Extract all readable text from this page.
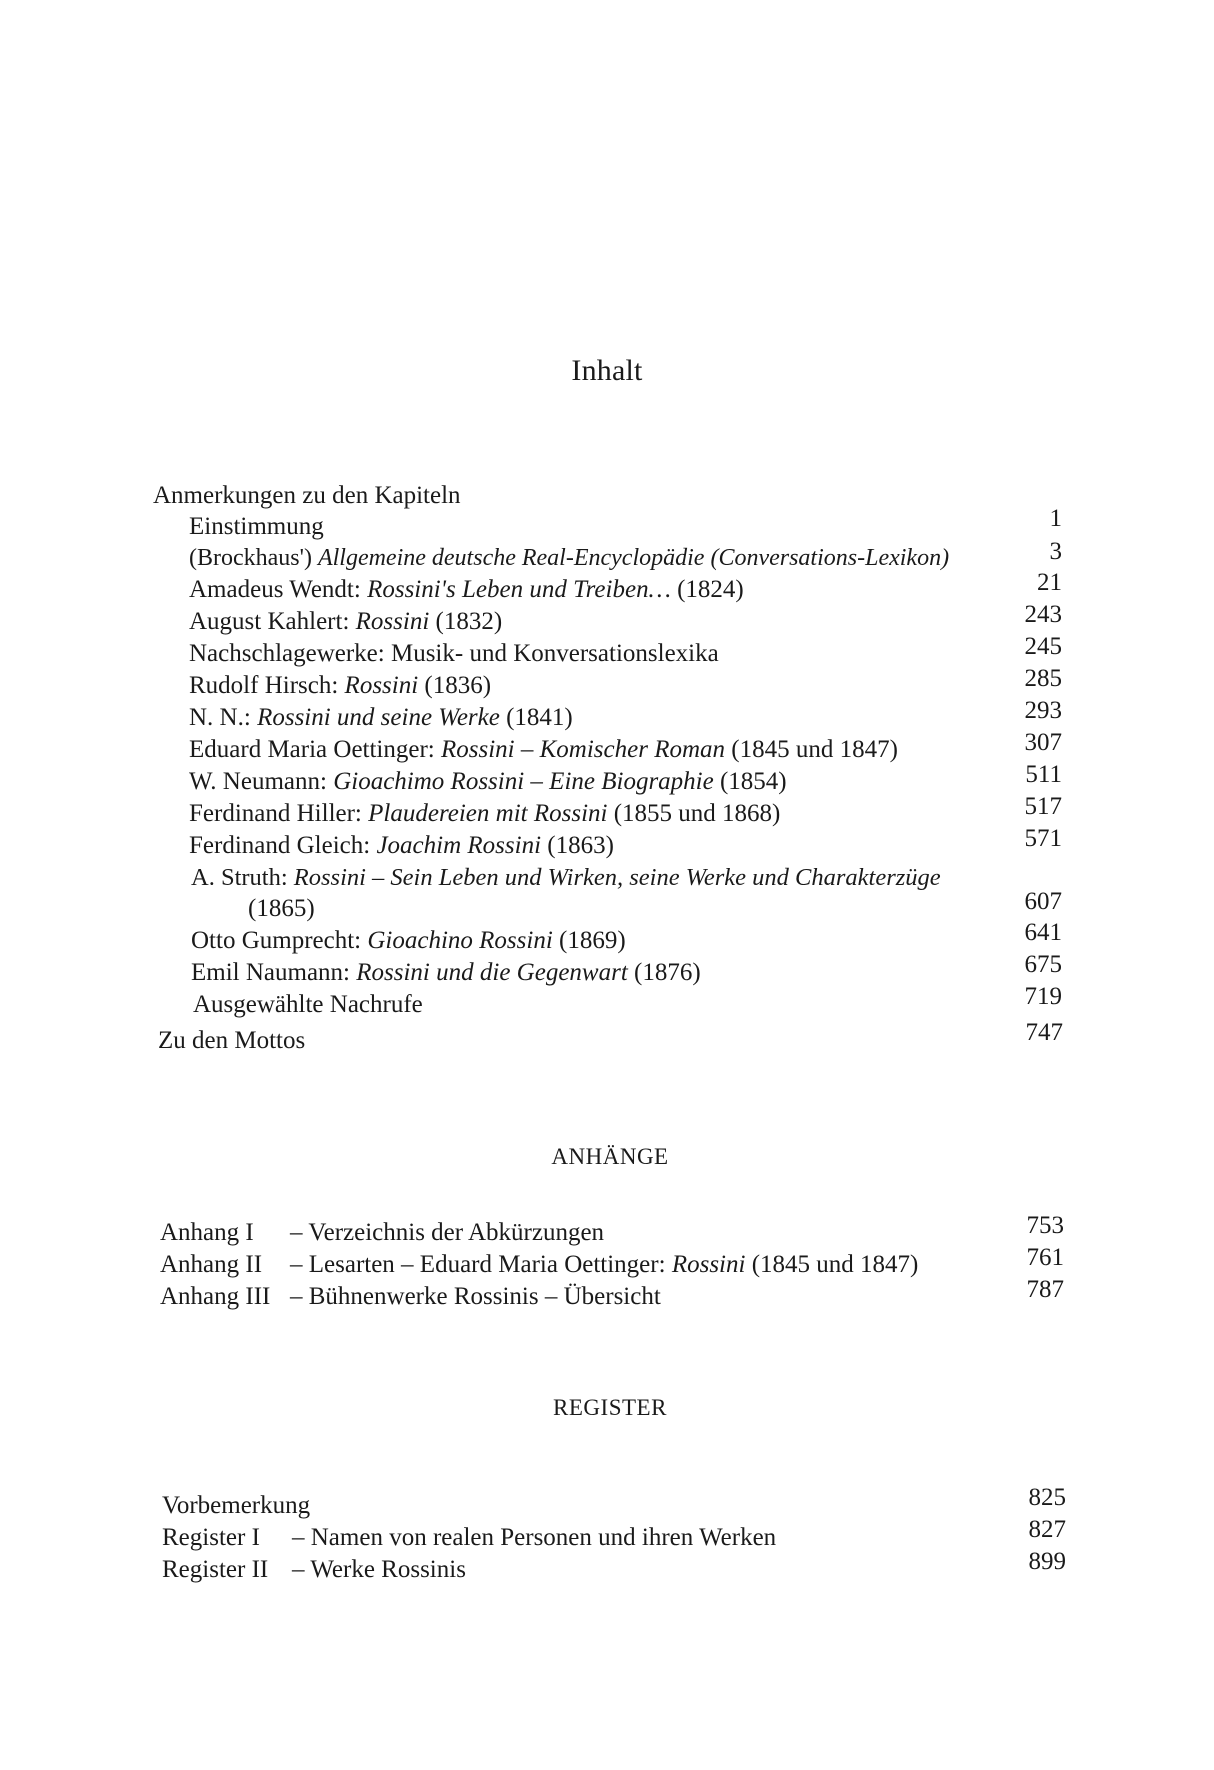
Inhalt
Anmerkungen zu den Kapiteln
Einstimmung	1
(Brockhaus') Allgemeine deutsche Real-Encyclopädie (Conversations-Lexikon)	3
Amadeus Wendt: Rossini's Leben und Treiben… (1824)	21
August Kahlert: Rossini (1832)	243
Nachschlagewerke: Musik- und Konversationslexika	245
Rudolf Hirsch: Rossini (1836)	285
N. N.: Rossini und seine Werke (1841)	293
Eduard Maria Oettinger: Rossini – Komischer Roman (1845 und 1847)	307
W. Neumann: Gioachimo Rossini – Eine Biographie (1854)	511
Ferdinand Hiller: Plaudereien mit Rossini (1855 und 1868)	517
Ferdinand Gleich: Joachim Rossini (1863)	571
A. Struth: Rossini – Sein Leben und Wirken, seine Werke und Charakterzüge
(1865)	607
Otto Gumprecht: Gioachino Rossini (1869)	641
Emil Naumann: Rossini und die Gegenwart (1876)	675
Ausgewählte Nachrufe	719
Zu den Mottos	747
ANHÄNGE
Anhang I – Verzeichnis der Abkürzungen	753
Anhang II – Lesarten – Eduard Maria Oettinger: Rossini (1845 und 1847)	761
Anhang III – Bühnenwerke Rossinis – Übersicht	787
REGISTER
Vorbemerkung	825
Register I – Namen von realen Personen und ihren Werken	827
Register II – Werke Rossinis	899
